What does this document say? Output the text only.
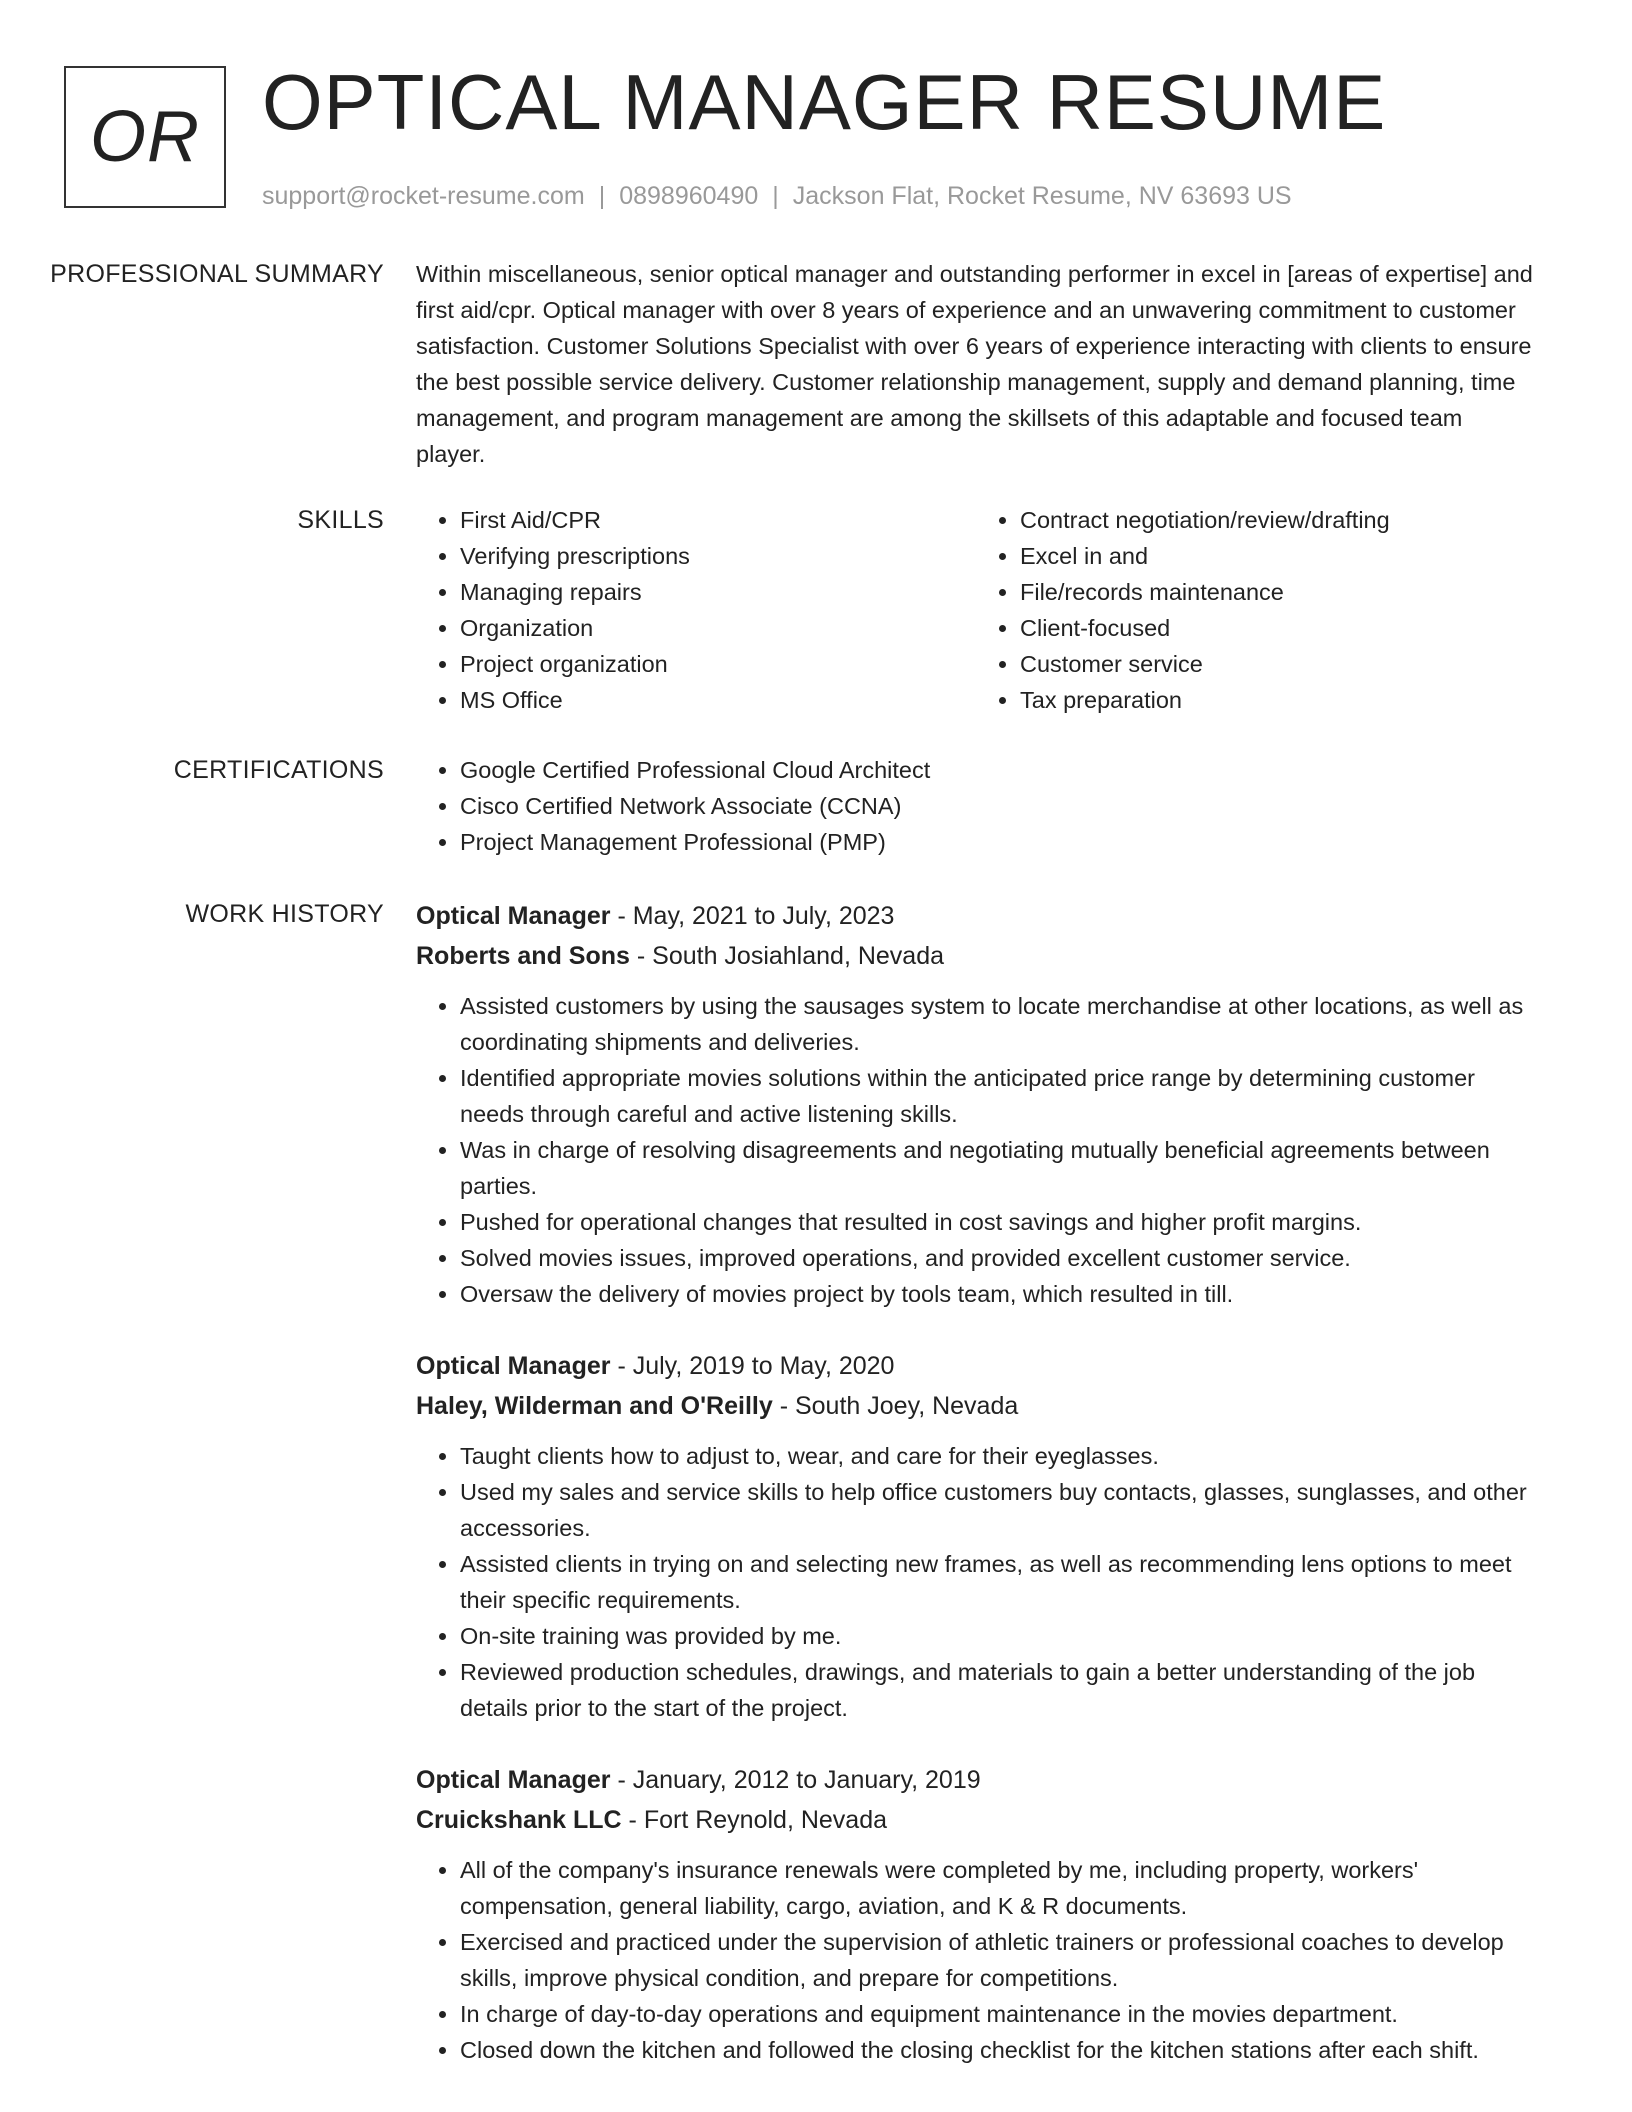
OR OPTICAL MANAGER RESUME
support@rocket-resume.com | 0898960490 | Jackson Flat, Rocket Resume, NV 63693 US
PROFESSIONAL SUMMARY	Within miscellaneous, senior optical manager and outstanding performer in excel in [areas of expertise] and first aid/cpr. Optical manager with over 8 years of experience and an unwavering commitment to customer satisfaction. Customer Solutions Specialist with over 6 years of experience interacting with clients to ensure the best possible service delivery. Customer relationship management, supply and demand planning, time management, and program management are among the skillsets of this adaptable and focused team player.

SKILLS	• First Aid/CPR
• Verifying prescriptions
• Managing repairs
• Organization
• Project organization
• MS Office
• Contract negotiation/review/drafting
• Excel in and
• File/records maintenance
• Client-focused
• Customer service
• Tax preparation
CERTIFICATIONS	• Google Certified Professional Cloud Architect
• Cisco Certified Network Associate (CCNA)
• Project Management Professional (PMP)
WORK HISTORY	Optical Manager - May, 2021 to July, 2023
Roberts and Sons - South Josiahland, Nevada
• Assisted customers by using the sausages system to locate merchandise at other locations, as well as coordinating shipments and deliveries.
• Identified appropriate movies solutions within the anticipated price range by determining customer needs through careful and active listening skills.
• Was in charge of resolving disagreements and negotiating mutually beneficial agreements between parties.
• Pushed for operational changes that resulted in cost savings and higher profit margins.
• Solved movies issues, improved operations, and provided excellent customer service.
• Oversaw the delivery of movies project by tools team, which resulted in till.
Optical Manager - July, 2019 to May, 2020
Haley, Wilderman and O'Reilly - South Joey, Nevada
• Taught clients how to adjust to, wear, and care for their eyeglasses.
• Used my sales and service skills to help office customers buy contacts, glasses, sunglasses, and other accessories.
• Assisted clients in trying on and selecting new frames, as well as recommending lens options to meet their specific requirements.
• On-site training was provided by me.
• Reviewed production schedules, drawings, and materials to gain a better understanding of the job details prior to the start of the project.
Optical Manager - January, 2012 to January, 2019
Cruickshank LLC - Fort Reynold, Nevada
• All of the company's insurance renewals were completed by me, including property, workers' compensation, general liability, cargo, aviation, and K & R documents.
• Exercised and practiced under the supervision of athletic trainers or professional coaches to develop skills, improve physical condition, and prepare for competitions.
• In charge of day-to-day operations and equipment maintenance in the movies department.
• Closed down the kitchen and followed the closing checklist for the kitchen stations after each shift.
